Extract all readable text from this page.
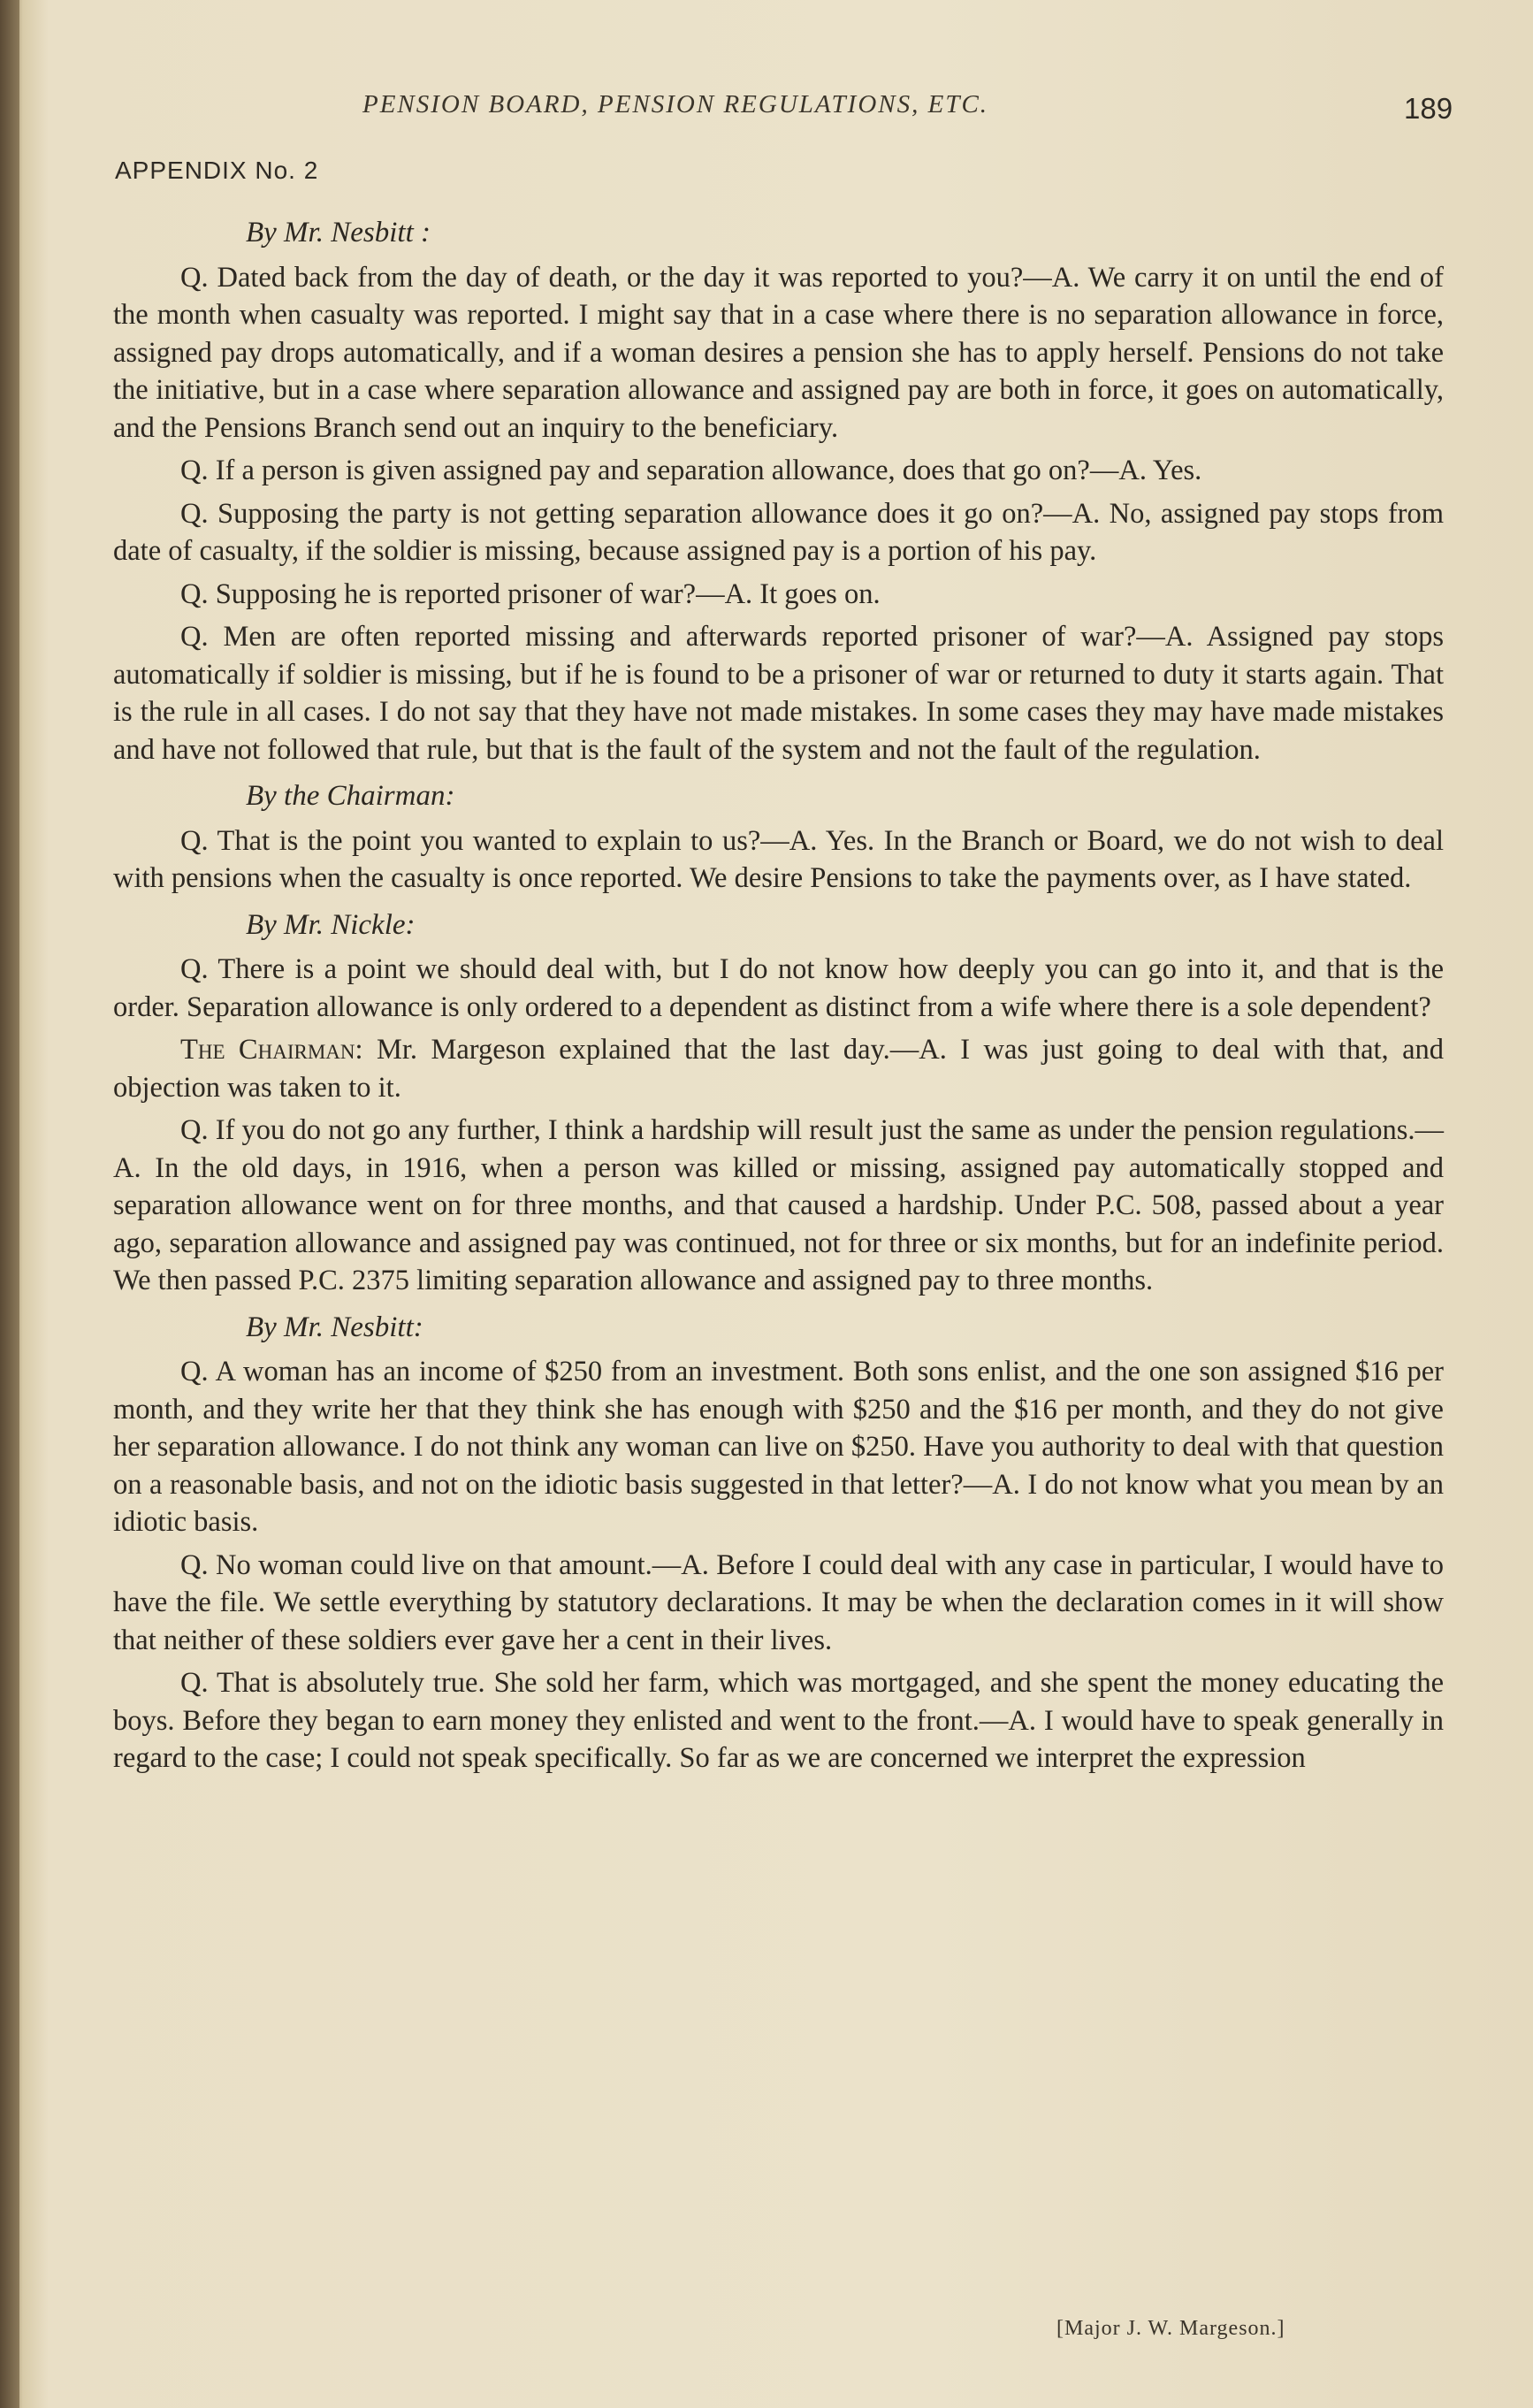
PENSION BOARD, PENSION REGULATIONS, ETC.	189
APPENDIX No. 2

By Mr. Nesbitt :

Q. Dated back from the day of death, or the day it was reported to you?—A. We carry it on until the end of the month when casualty was reported. I might say that in a case where there is no separation allowance in force, assigned pay drops automatically, and if a woman desires a pension she has to apply herself. Pensions do not take the initiative, but in a case where separation allowance and assigned pay are both in force, it goes on automatically, and the Pensions Branch send out an inquiry to the beneficiary.

Q. If a person is given assigned pay and separation allowance, does that go on?—A. Yes.

Q. Supposing the party is not getting separation allowance does it go on?—A. No, assigned pay stops from date of casualty, if the soldier is missing, because assigned pay is a portion of his pay.

Q. Supposing he is reported prisoner of war?—A. It goes on.

Q. Men are often reported missing and afterwards reported prisoner of war?—A. Assigned pay stops automatically if soldier is missing, but if he is found to be a prisoner of war or returned to duty it starts again. That is the rule in all cases. I do not say that they have not made mistakes. In some cases they may have made mistakes and have not followed that rule, but that is the fault of the system and not the fault of the regulation.

By the Chairman:

Q. That is the point you wanted to explain to us?—A. Yes. In the Branch or Board, we do not wish to deal with pensions when the casualty is once reported. We desire Pensions to take the payments over, as I have stated.

By Mr. Nickle:

Q. There is a point we should deal with, but I do not know how deeply you can go into it, and that is the order. Separation allowance is only ordered to a dependent as distinct from a wife where there is a sole dependent?

The Chairman: Mr. Margeson explained that the last day.—A. I was just going to deal with that, and objection was taken to it.

Q. If you do not go any further, I think a hardship will result just the same as under the pension regulations.—A. In the old days, in 1916, when a person was killed or missing, assigned pay automatically stopped and separation allowance went on for three months, and that caused a hardship. Under P.C. 508, passed about a year ago, separation allowance and assigned pay was continued, not for three or six months, but for an indefinite period. We then passed P.C. 2375 limiting separation allowance and assigned pay to three months.

By Mr. Nesbitt:

Q. A woman has an income of $250 from an investment. Both sons enlist, and the one son assigned $16 per month, and they write her that they think she has enough with $250 and the $16 per month, and they do not give her separation allowance. I do not think any woman can live on $250. Have you authority to deal with that question on a reasonable basis, and not on the idiotic basis suggested in that letter?—A. I do not know what you mean by an idiotic basis.

Q. No woman could live on that amount.—A. Before I could deal with any case in particular, I would have to have the file. We settle everything by statutory declarations. It may be when the declaration comes in it will show that neither of these soldiers ever gave her a cent in their lives.

Q. That is absolutely true. She sold her farm, which was mortgaged, and she spent the money educating the boys. Before they began to earn money they enlisted and went to the front.—A. I would have to speak generally in regard to the case; I could not speak specifically. So far as we are concerned we interpret the expression

[Major J. W. Margeson.]
